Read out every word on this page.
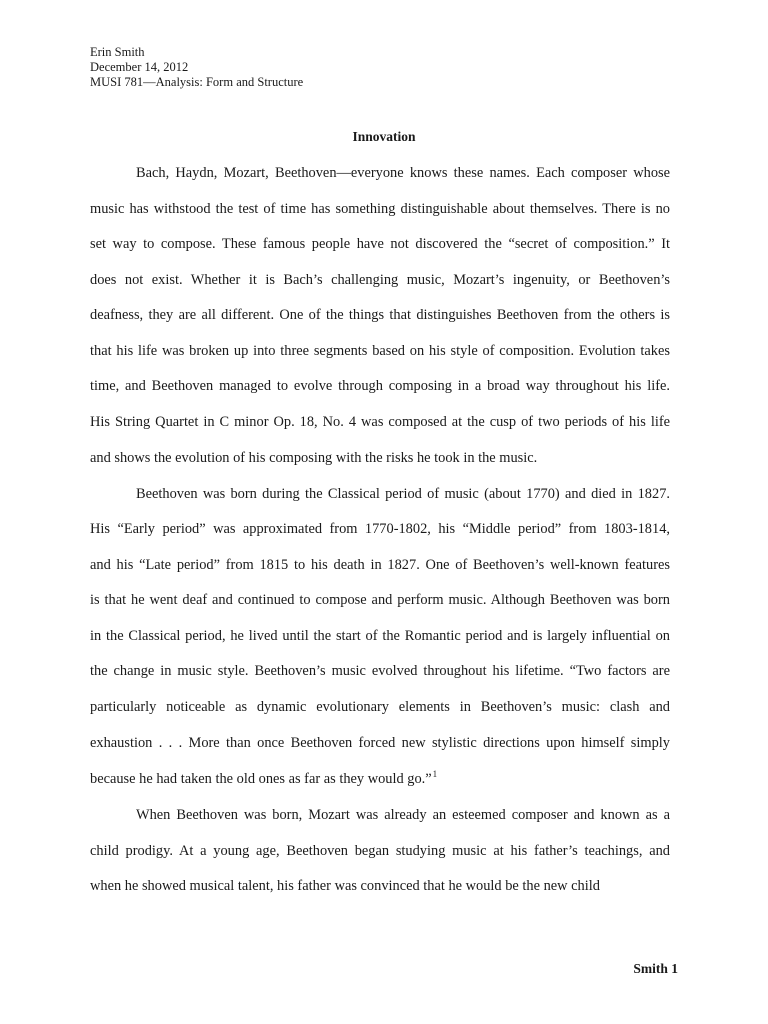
Erin Smith
December 14, 2012
MUSI 781—Analysis: Form and Structure
Innovation
Bach, Haydn, Mozart, Beethoven—everyone knows these names. Each composer whose
music has withstood the test of time has something distinguishable about themselves. There is no
set way to compose. These famous people have not discovered the “secret of composition.” It
does not exist. Whether it is Bach’s challenging music, Mozart’s ingenuity, or Beethoven’s
deafness, they are all different. One of the things that distinguishes Beethoven from the others is
that his life was broken up into three segments based on his style of composition. Evolution takes
time, and Beethoven managed to evolve through composing in a broad way throughout his life.
His String Quartet in C minor Op. 18, No. 4 was composed at the cusp of two periods of his life
and shows the evolution of his composing with the risks he took in the music.
Beethoven was born during the Classical period of music (about 1770) and died in 1827.
His “Early period” was approximated from 1770-1802, his “Middle period” from 1803-1814,
and his “Late period” from 1815 to his death in 1827. One of Beethoven’s well-known features
is that he went deaf and continued to compose and perform music. Although Beethoven was born
in the Classical period, he lived until the start of the Romantic period and is largely influential on
the change in music style. Beethoven’s music evolved throughout his lifetime. “Two factors are
particularly noticeable as dynamic evolutionary elements in Beethoven’s music: clash and
exhaustion . . . More than once Beethoven forced new stylistic directions upon himself simply
because he had taken the old ones as far as they would go.”$^1$
When Beethoven was born, Mozart was already an esteemed composer and known as a
child prodigy. At a young age, Beethoven began studying music at his father’s teachings, and
when he showed musical talent, his father was convinced that he would be the new child
Smith 1
